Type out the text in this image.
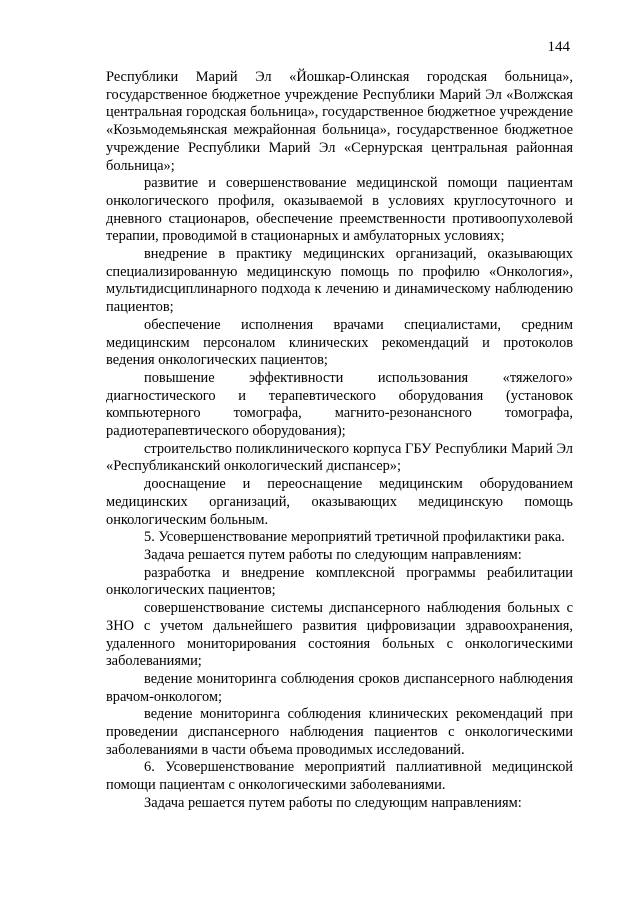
144

Республики Марий Эл «Йошкар-Олинская городская больница», государственное бюджетное учреждение Республики Марий Эл «Волжская центральная городская больница», государственное бюджетное учреждение «Козьмодемьянская межрайонная больница», государственное бюджетное учреждение Республики Марий Эл «Сернурская центральная районная больница»;

развитие и совершенствование медицинской помощи пациентам онкологического профиля, оказываемой в условиях круглосуточного и дневного стационаров, обеспечение преемственности противоопухолевой терапии, проводимой в стационарных и амбулаторных условиях;

внедрение в практику медицинских организаций, оказывающих специализированную медицинскую помощь по профилю «Онкология», мультидисциплинарного подхода к лечению и динамическому наблюдению пациентов;

обеспечение исполнения врачами специалистами, средним медицинским персоналом клинических рекомендаций и протоколов ведения онкологических пациентов;

повышение эффективности использования «тяжелого» диагностического и терапевтического оборудования (установок компьютерного томографа, магнито-резонансного томографа, радиотерапевтического оборудования);

строительство поликлинического корпуса ГБУ Республики Марий Эл «Республиканский онкологический диспансер»;

дооснащение и переоснащение медицинским оборудованием медицинских организаций, оказывающих медицинскую помощь онкологическим больным.

5. Усовершенствование мероприятий третичной профилактики рака.

Задача решается путем работы по следующим направлениям:

разработка и внедрение комплексной программы реабилитации онкологических пациентов;

совершенствование системы диспансерного наблюдения больных с ЗНО с учетом дальнейшего развития цифровизации здравоохранения, удаленного мониторирования состояния больных с онкологическими заболеваниями;

ведение мониторинга соблюдения сроков диспансерного наблюдения врачом-онкологом;

ведение мониторинга соблюдения клинических рекомендаций при проведении диспансерного наблюдения пациентов с онкологическими заболеваниями в части объема проводимых исследований.

6. Усовершенствование мероприятий паллиативной медицинской помощи пациентам с онкологическими заболеваниями.

Задача решается путем работы по следующим направлениям:
